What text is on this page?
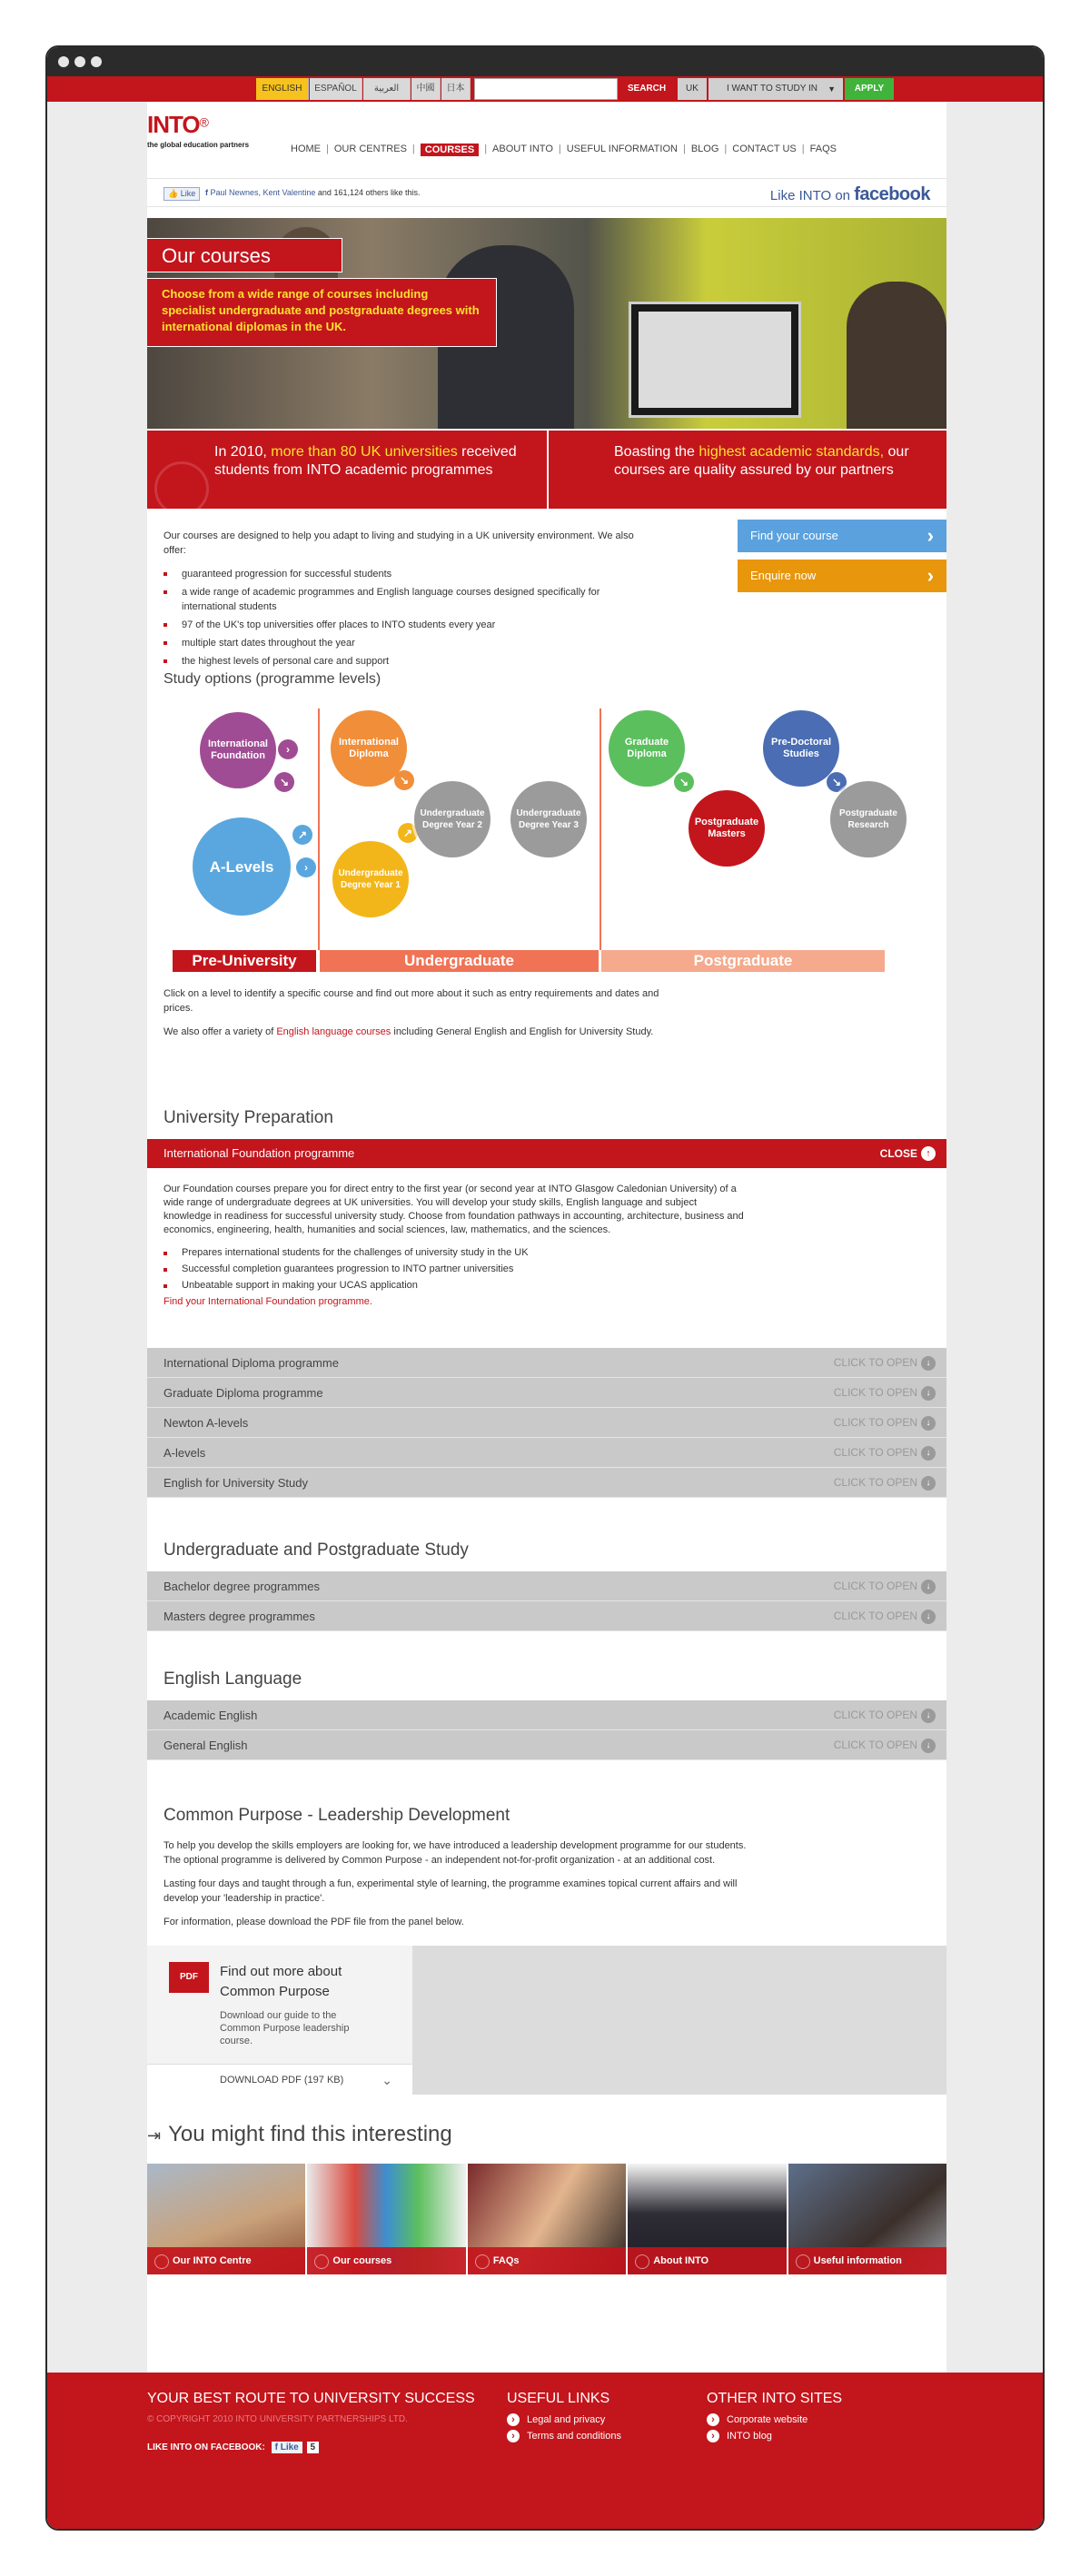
ENGLISH	ESPAÑOL	العربية	中國	日本	SEARCH	UK	I WANT TO STUDY IN ▼	APPLY
INTO®
the global education partners	HOME | OUR CENTRES |	COURSES	| ABOUT INTO | USEFUL INFORMATION | BLOG | CONTACT US | FAQS
👍 Like	f Paul Newnes, Kent Valentine and 161,124 others like this.	Like INTO on facebook
Our courses
Choose from a wide range of courses including specialist undergraduate and postgraduate degrees with international diplomas in the UK.
In 2010, more than 80 UK universities received students from INTO academic programmes
Boasting the highest academic standards, our courses are quality assured by our partners

Our courses are designed to help you adapt to living and studying in a UK university environment. We also offer:

guaranteed progression for successful students
a wide range of academic programmes and English language courses designed specifically for international students
97 of the UK's top universities offer places to INTO students every year
multiple start dates throughout the year
the highest levels of personal care and support

Study options (programme levels)

Find your course	›
Enquire now	›
International Foundation	›
↘
A-Levels
↗
›
International Diploma
↘
Undergraduate Degree Year 1
↗
Undergraduate Degree Year 2
Undergraduate Degree Year 3
Graduate Diploma
↘
Postgraduate Masters
Pre-Doctoral Studies
↘
Postgraduate Research
Pre-University	Undergraduate	Postgraduate

Click on a level to identify a specific course and find out more about it such as entry requirements and dates and prices.

We also offer a variety of English language courses including General English and English for University Study.

University Preparation
International Foundation programme	CLOSE ↑

Our Foundation courses prepare you for direct entry to the first year (or second year at INTO Glasgow Caledonian University) of a wide range of undergraduate degrees at UK universities. You will develop your study skills, English language and subject knowledge in readiness for successful university study. Choose from foundation pathways in accounting, architecture, business and economics, engineering, health, humanities and social sciences, law, mathematics, and the sciences.

Prepares international students for the challenges of university study in the UK
Successful completion guarantees progression to INTO partner universities
Unbeatable support in making your UCAS application
Find your International Foundation programme.
International Diploma programme	CLICK TO OPEN ↓
Graduate Diploma programme	CLICK TO OPEN ↓
Newton A-levels	CLICK TO OPEN ↓
A-levels	CLICK TO OPEN ↓
English for University Study	CLICK TO OPEN ↓
Undergraduate and Postgraduate Study
Bachelor degree programmes	CLICK TO OPEN ↓
Masters degree programmes	CLICK TO OPEN ↓
English Language
Academic English	CLICK TO OPEN ↓
General English	CLICK TO OPEN ↓
Common Purpose - Leadership Development

To help you develop the skills employers are looking for, we have introduced a leadership development programme for our students. The optional programme is delivered by Common Purpose - an independent not-for-profit organization - at an additional cost.

Lasting four days and taught through a fun, experimental style of learning, the programme examines topical current affairs and will develop your 'leadership in practice'.

For information, please download the PDF file from the panel below.

PDF	Find out more about Common Purpose
Download our guide to the Common Purpose leadership course.
DOWNLOAD PDF (197 KB)	⌄
⇥ You might find this interesting
Our INTO Centre	Our courses	FAQs	About INTO	Useful information
YOUR BEST ROUTE TO UNIVERSITY SUCCESS
© COPYRIGHT 2010 INTO UNIVERSITY PARTNERSHIPS LTD.
LIKE INTO ON FACEBOOK: f Like 5
USEFUL LINKS
› Legal and privacy
› Terms and conditions
OTHER INTO SITES
› Corporate website
› INTO blog
